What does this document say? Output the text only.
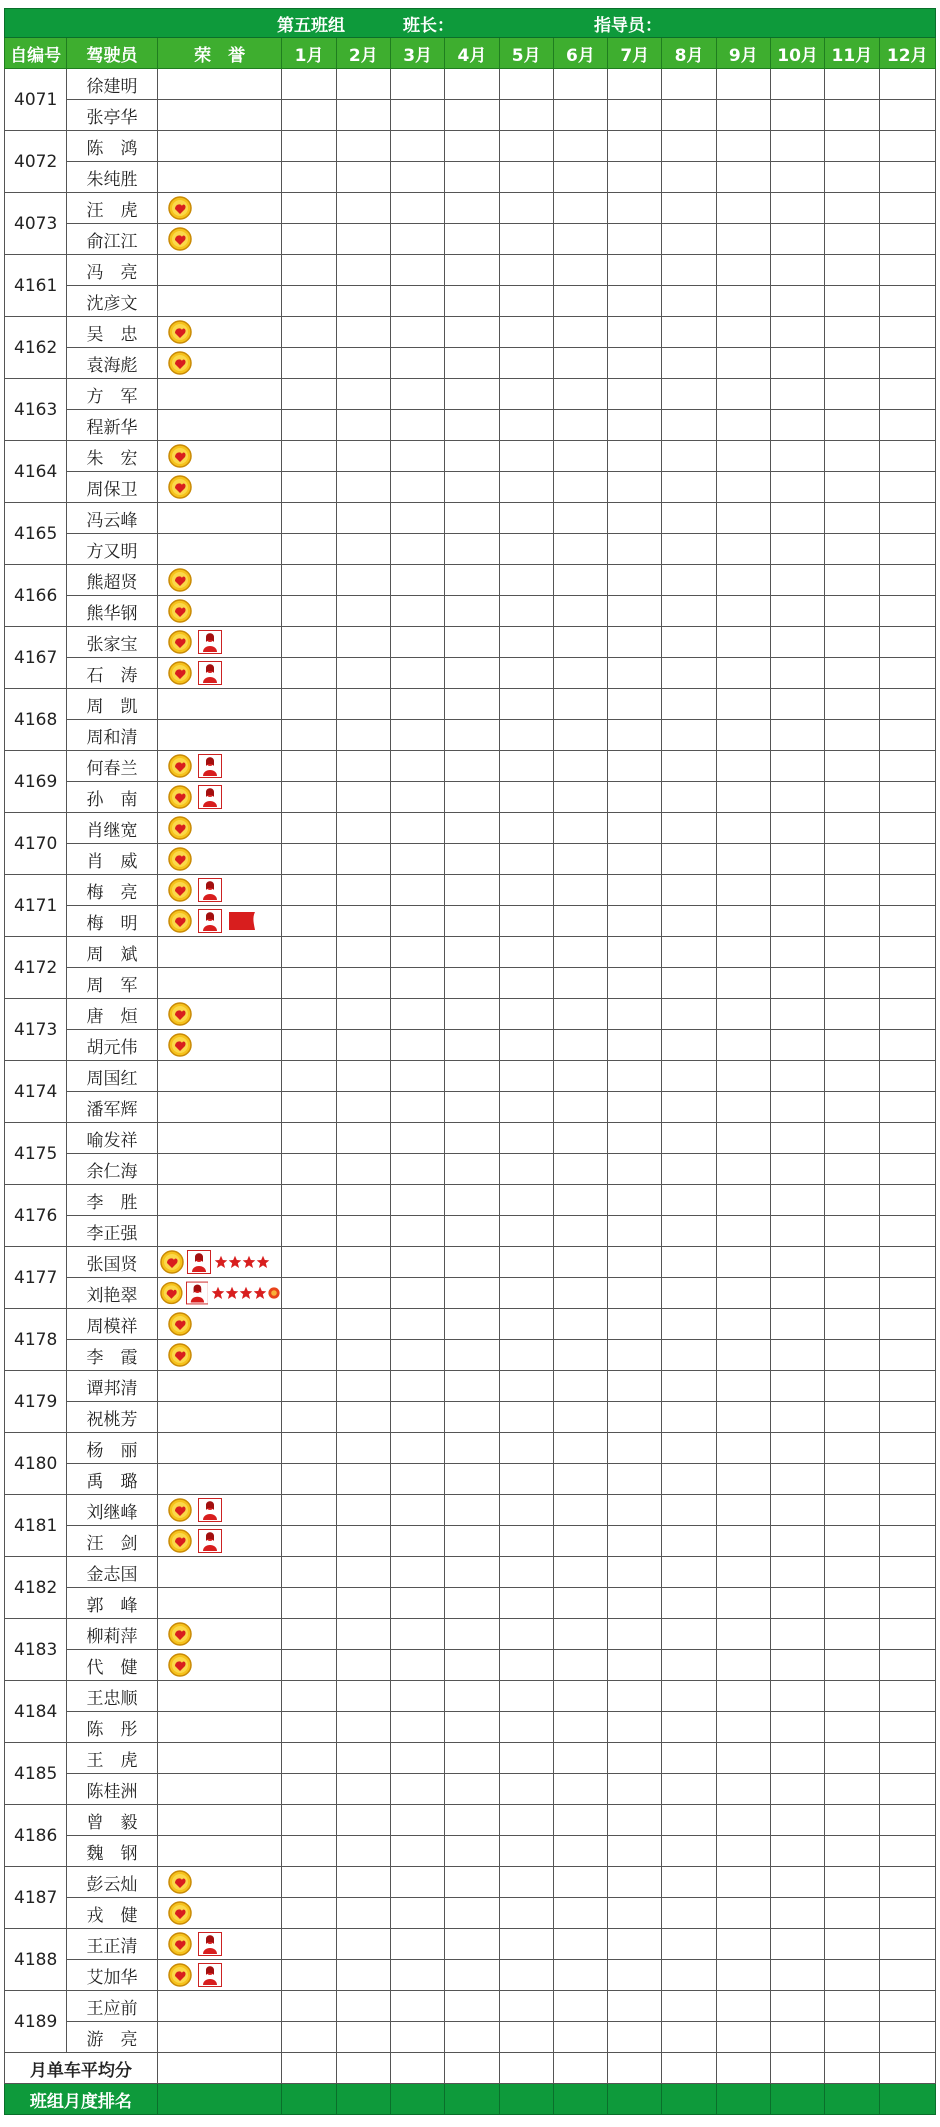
第五班组 班长： 指导员：														

自编号	驾驶员	荣　誉	1月	2月	3月	4月	5月	6月	7月	8月	9月	10月	11月	12月
4071	徐建明	

	张亭华	

4072	陈　鸿	

	朱纯胜	

4073	汪　虎	

	俞江江	

4161	冯　亮	

	沈彦文	

4162	吴　忠	

	袁海彪	

4163	方　军	

	程新华	

4164	朱　宏	

	周保卫	

4165	冯云峰	

	方又明	

4166	熊超贤	

	熊华钢	

4167	张家宝	

	石　涛	

4168	周　凯	

	周和清	

4169	何春兰	

	孙　南	

4170	肖继宽	

	肖　威	

4171	梅　亮	

	梅　明	

4172	周　斌	

	周　军	

4173	唐　烜	

	胡元伟	

4174	周国红	

	潘军辉	

4175	喻发祥	

	余仁海	

4176	李　胜	

	李正强	

4177	张国贤	

	刘艳翠	

4178	周模祥	

	李　霞	

4179	谭邦清	

	祝桃芳	

4180	杨　丽	

	禹　璐	

4181	刘继峰	

	汪　剑	

4182	金志国	

	郭　峰	

4183	柳莉萍	

	代　健	

4184	王忠顺	

	陈　彤	

4185	王　虎	

	陈桂洲	

4186	曾　毅	

	魏　钢	

4187	彭云灿	

	戎　健	

4188	王正清	

	艾加华	

4189	王应前	

	游　亮	

月单车平均分														
班组月度排名														
